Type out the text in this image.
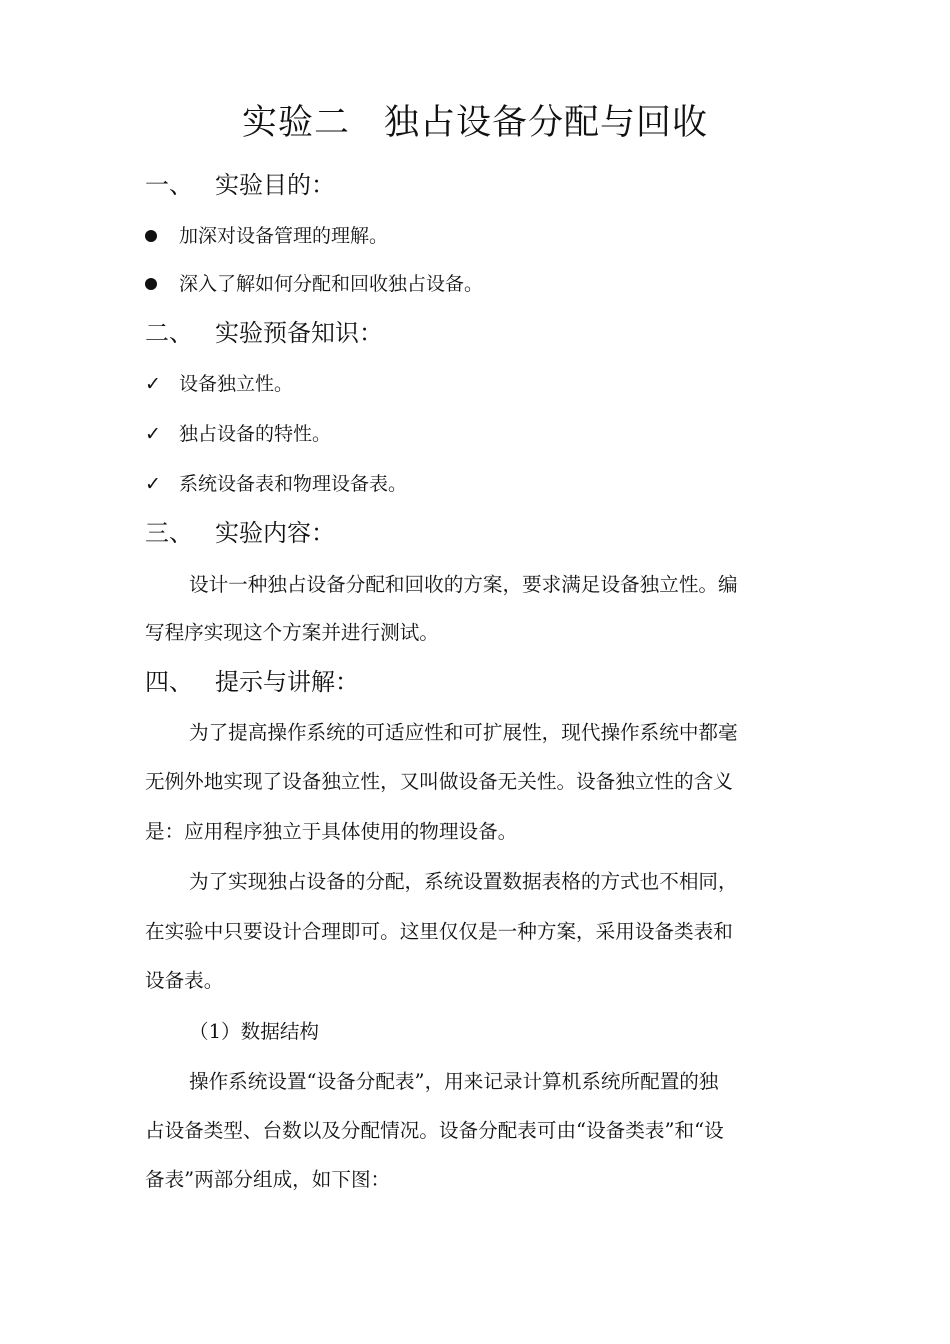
实验二 独占设备分配与回收
一、 实验目的：
加深对设备管理的理解。
深入了解如何分配和回收独占设备。
二、 实验预备知识：
✓ 设备独立性。
✓ 独占设备的特性。
✓ 系统设备表和物理设备表。
三、 实验内容：
设计一种独占设备分配和回收的方案，要求满足设备独立性。编
写程序实现这个方案并进行测试。
四、 提示与讲解：
为了提高操作系统的可适应性和可扩展性，现代操作系统中都毫
无例外地实现了设备独立性，又叫做设备无关性。设备独立性的含义
是：应用程序独立于具体使用的物理设备。
为了实现独占设备的分配，系统设置数据表格的方式也不相同，
在实验中只要设计合理即可。这里仅仅是一种方案，采用设备类表和
设备表。
（1）数据结构
操作系统设置“设备分配表”，用来记录计算机系统所配置的独
占设备类型、台数以及分配情况。设备分配表可由“设备类表”和“设
备表”两部分组成，如下图：
